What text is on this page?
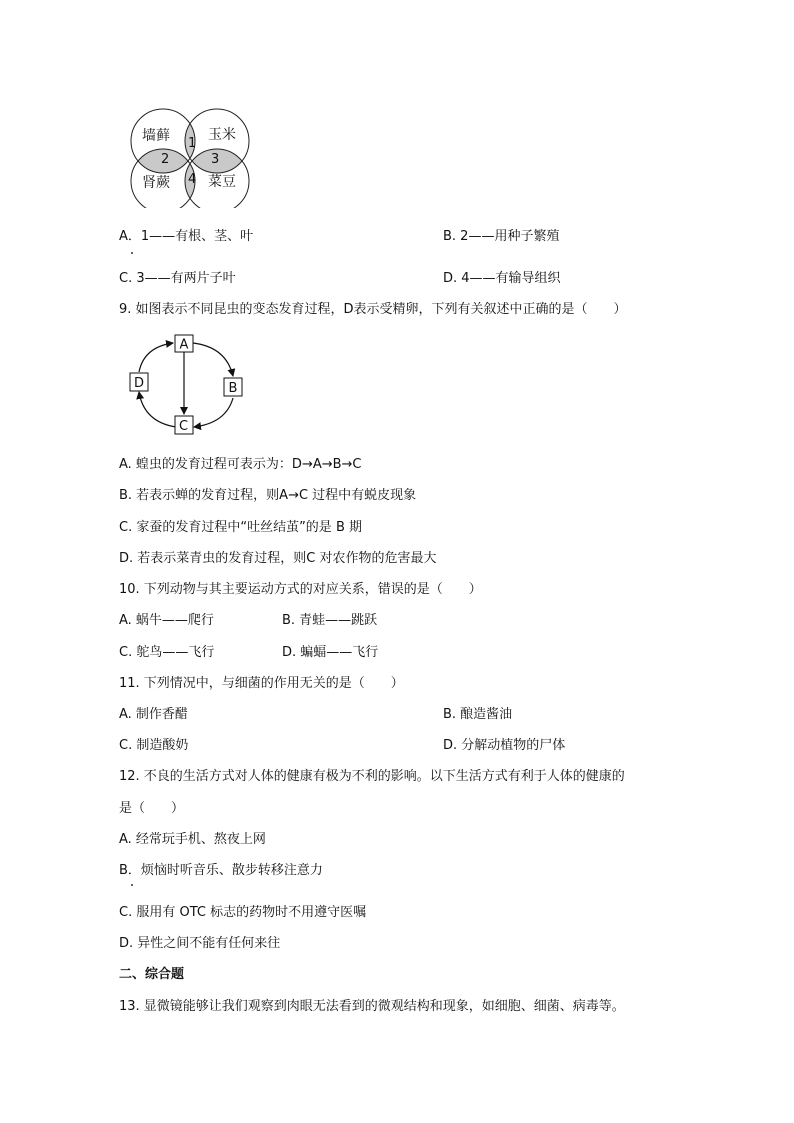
墙藓	玉米
肾蕨	菜豆
1
2	3
4
A．1——有根、茎、叶	B. 2——用种子繁殖
C. 3——有两片子叶	D. 4——有输导组织
9. 如图表示不同昆虫的变态发育过程，D表示受精卵，下列有关叙述中正确的是（　　）
A
B
C
D
A. 蝗虫的发育过程可表示为：D→A→B→C
B. 若表示蝉的发育过程，则A→C 过程中有蜕皮现象
C. 家蚕的发育过程中“吐丝结茧”的是 B 期
D. 若表示菜青虫的发育过程，则C 对农作物的危害最大
10. 下列动物与其主要运动方式的对应关系，错误的是（　　）
A. 蜗牛——爬行	B. 青蛙——跳跃
C. 鸵鸟——飞行	D. 蝙蝠——飞行
11. 下列情况中，与细菌的作用无关的是（　　）
A. 制作香醋	B. 酿造酱油
C. 制造酸奶	D. 分解动植物的尸体
12. 不良的生活方式对人体的健康有极为不利的影响。以下生活方式有利于人体的健康的
是（　　）
A. 经常玩手机、熬夜上网
B．烦恼时听音乐、散步转移注意力
C. 服用有 OTC 标志的药物时不用遵守医嘱
D. 异性之间不能有任何来往
二、综合题
13. 显微镜能够让我们观察到肉眼无法看到的微观结构和现象，如细胞、细菌、病毒等。
